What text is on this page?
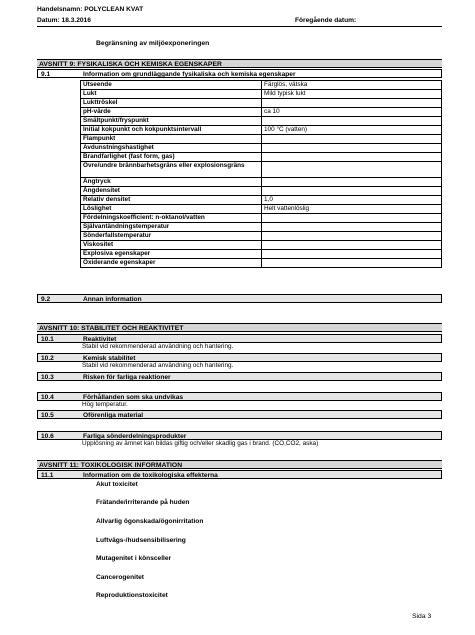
Handelsnamn: POLYCLEAN KVAT
Datum: 18.3.2016	Föregående datum:
Begränsning av miljöexponeringen
AVSNITT 9: FYSIKALISKA OCH KEMISKA EGENSKAPER
9.1	Information om grundläggande fysikaliska och kemiska egenskaper
Utseende	Färglös, vätska
Lukt	Mild typisk lukt
Lukttröskel	
pH-värde	ca 10
Smältpunkt/fryspunkt	
Initial kokpunkt och kokpunktsintervall	100 °C (vatten)
Flampunkt	
Avdunstningshastighet	
Brandfarlighet (fast form, gas)	
Övre/undre brännbarhetsgräns eller explosionsgräns	
Ångtryck	
Ångdensitet	
Relativ densitet	1,0
Löslighet	Helt vattenlöslig
Fördelningskoefficient: n-oktanol/vatten	
Självantändningstemperatur	
Sönderfallstemperatur	
Viskositet	
Explosiva egenskaper	
Oxiderande egenskaper	
9.2	Annan information
AVSNITT 10: STABILITET OCH REAKTIVITET
10.1	Reaktivitet
Stabil vid rekommenderad användning och hantering.
10.2	Kemisk stabilitet
Stabil vid rekommenderad användning och hantering.
10.3	Risken för farliga reaktioner
10.4	Förhållanden som ska undvikas
Hög temperatur.
10.5	Oförenliga material
10.6	Farliga sönderdelningsprodukter
Upplösning av ämnet kan bildas giftig och/eller skadlig gas i brand. (CO,CO2, aska)
AVSNITT 11: TOXIKOLOGISK INFORMATION
11.1	Information om de toxikologiska effekterna
Akut toxicitet
Frätande/irriterande på huden
Allvarlig ögonskada/ögonirritation
Luftvägs-/hudsensibilisering
Mutagenitet i könsceller
Cancerogenitet
Reproduktionstoxicitet
Sida 3
